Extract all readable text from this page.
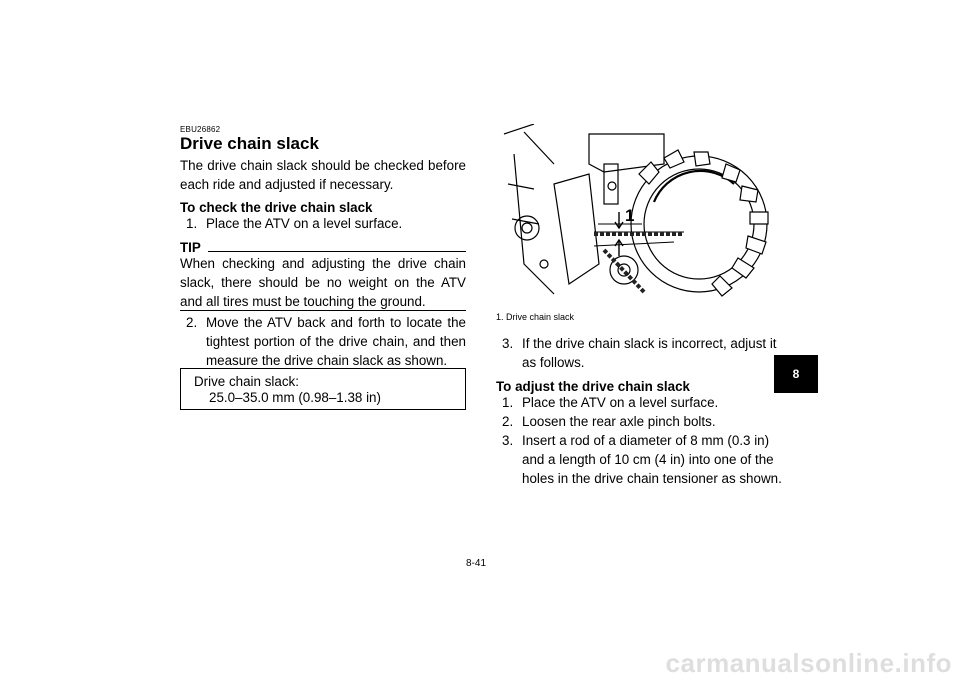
EBU26862
Drive chain slack
The drive chain slack should be checked before each ride and adjusted if necessary.
To check the drive chain slack
1. Place the ATV on a level surface.
TIP
When checking and adjusting the drive chain slack, there should be no weight on the ATV and all tires must be touching the ground.
2. Move the ATV back and forth to locate the tightest portion of the drive chain, and then measure the drive chain slack as shown.
Drive chain slack:
25.0–35.0 mm (0.98–1.38 in)
1
1. Drive chain slack
3. If the drive chain slack is incorrect, adjust it as follows.
To adjust the drive chain slack
1. Place the ATV on a level surface.
2. Loosen the rear axle pinch bolts.
3. Insert a rod of a diameter of 8 mm (0.3 in) and a length of 10 cm (4 in) into one of the holes in the drive chain tensioner as shown.
8
8-41
carmanualsonline.info
